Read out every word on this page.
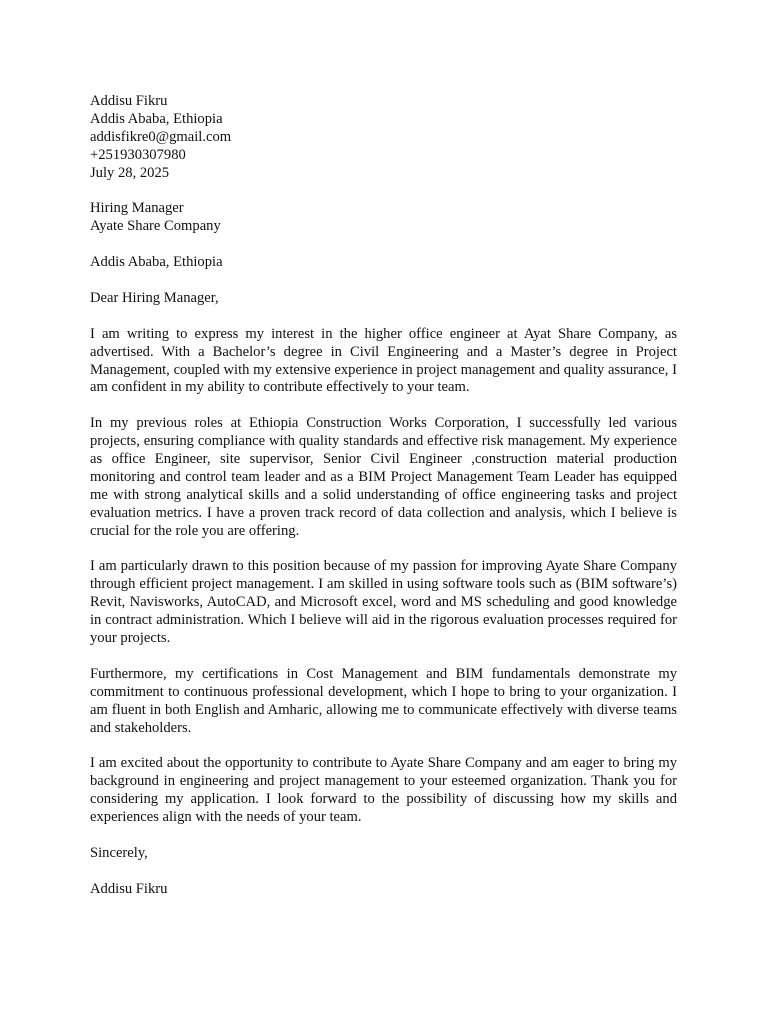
Addisu Fikru
Addis Ababa, Ethiopia
addisfikre0@gmail.com
+251930307980
July 28, 2025
Hiring Manager
Ayate Share Company
Addis Ababa, Ethiopia
Dear Hiring Manager,

I am writing to express my interest in the higher office engineer at Ayat Share Company, as advertised. With a Bachelor’s degree in Civil Engineering and a Master’s degree in Project Management, coupled with my extensive experience in project management and quality assurance, I am confident in my ability to contribute effectively to your team.

In my previous roles at Ethiopia Construction Works Corporation, I successfully led various projects, ensuring compliance with quality standards and effective risk management. My experience as office Engineer, site supervisor, Senior Civil Engineer ,construction material production monitoring and control team leader and as a BIM Project Management Team Leader has equipped me with strong analytical skills and a solid understanding of office engineering tasks and project evaluation metrics. I have a proven track record of data collection and analysis, which I believe is crucial for the role you are offering.

I am particularly drawn to this position because of my passion for improving Ayate Share Company through efficient project management. I am skilled in using software tools such as (BIM software’s) Revit, Navisworks, AutoCAD, and Microsoft excel, word and MS scheduling and good knowledge in contract administration. Which I believe will aid in the rigorous evaluation processes required for your projects.

Furthermore, my certifications in Cost Management and BIM fundamentals demonstrate my commitment to continuous professional development, which I hope to bring to your organization. I am fluent in both English and Amharic, allowing me to communicate effectively with diverse teams and stakeholders.

I am excited about the opportunity to contribute to Ayate Share Company and am eager to bring my background in engineering and project management to your esteemed organization. Thank you for considering my application. I look forward to the possibility of discussing how my skills and experiences align with the needs of your team.

Sincerely,
Addisu Fikru
